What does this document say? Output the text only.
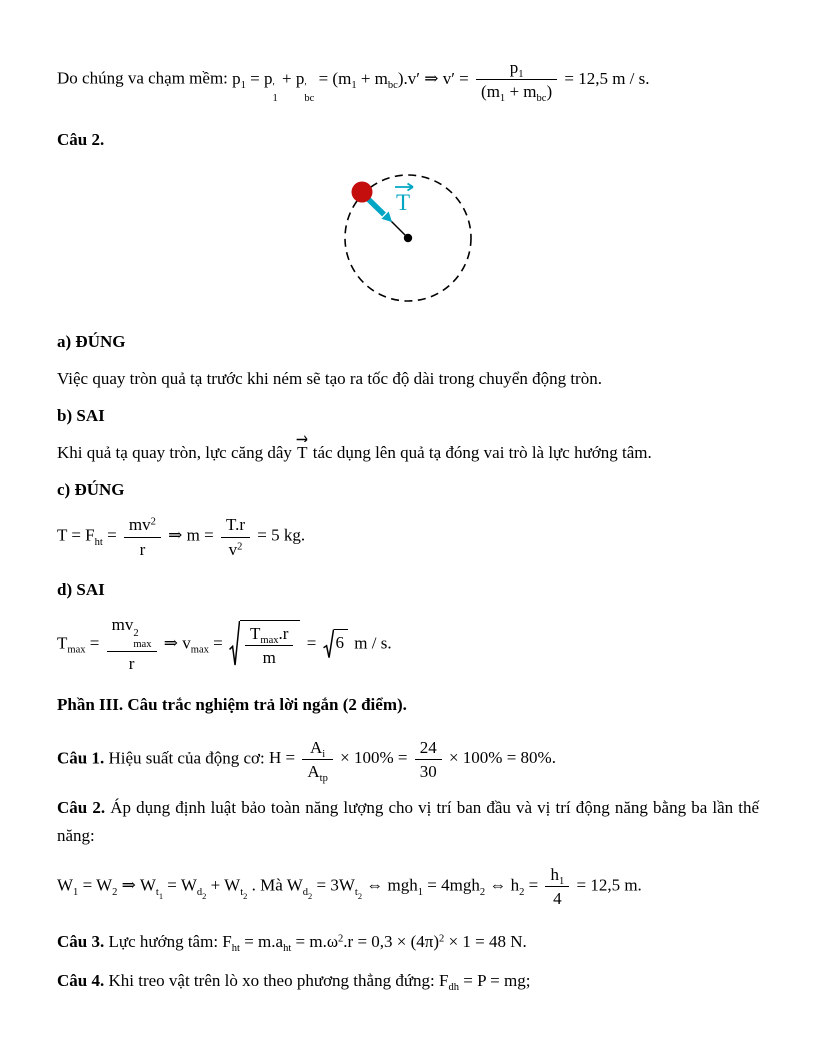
Do chúng va chạm mềm: $p_1 = p$
′
1
+ p
′
bc
= $(m_1 + m_{bc}).v'$ ⇒ $v' = \frac{p_1}{(m_1 + m_{bc})} = 12,5$ m / s.

Câu 2.

T

a) ĐÚNG

Việc quay tròn quả tạ trước khi ném sẽ tạo ra tốc độ dài trong chuyển động tròn.

b) SAI

Khi quả tạ quay tròn, lực căng dây
T tác dụng lên quả tạ đóng vai trò là lực hướng tâm.

c) ĐÚNG

$T = F_{ht} = \frac{mv^2}{r}$ ⇒ $m = \frac{T.r}{v^2} = 5$ kg.

d) SAI

$T_{max}$ = mv
2
max
r ⇒ $v_{max} = \frac{T_{max}.r}{m} = 6$ m / s.

Phần III. Câu trắc nghiệm trả lời ngắn (2 điểm).

Câu 1. Hiệu suất của động cơ: $H = \frac{A_i}{A_{tp}} \times 100\% = \frac{24}{30} \times 100\% = 80\%$.

Câu 2. Áp dụng định luật bảo toàn năng lượng cho vị trí ban đầu và vị trí động năng bằng ba lần thế năng:

$W_1 = W_2$ ⇒ $W_{t_1} = W_{d_2} + W_{t_2}$ . Mà $W_{d_2} = 3W_{t_2}$ ⇔ mgh$_1$ = 4mgh$_2$ ⇔ $h_2 = \frac{h_1}{4} = 12,5$ m.

Câu 3. Lực hướng tâm: $F_{ht} = m.a_{ht} = m.\omega^2.r = 0,3 \times (4\pi)^2 \times 1 = 48$ N.

Câu 4. Khi treo vật trên lò xo theo phương thẳng đứng: $F_{dh} = P$ = mg;
